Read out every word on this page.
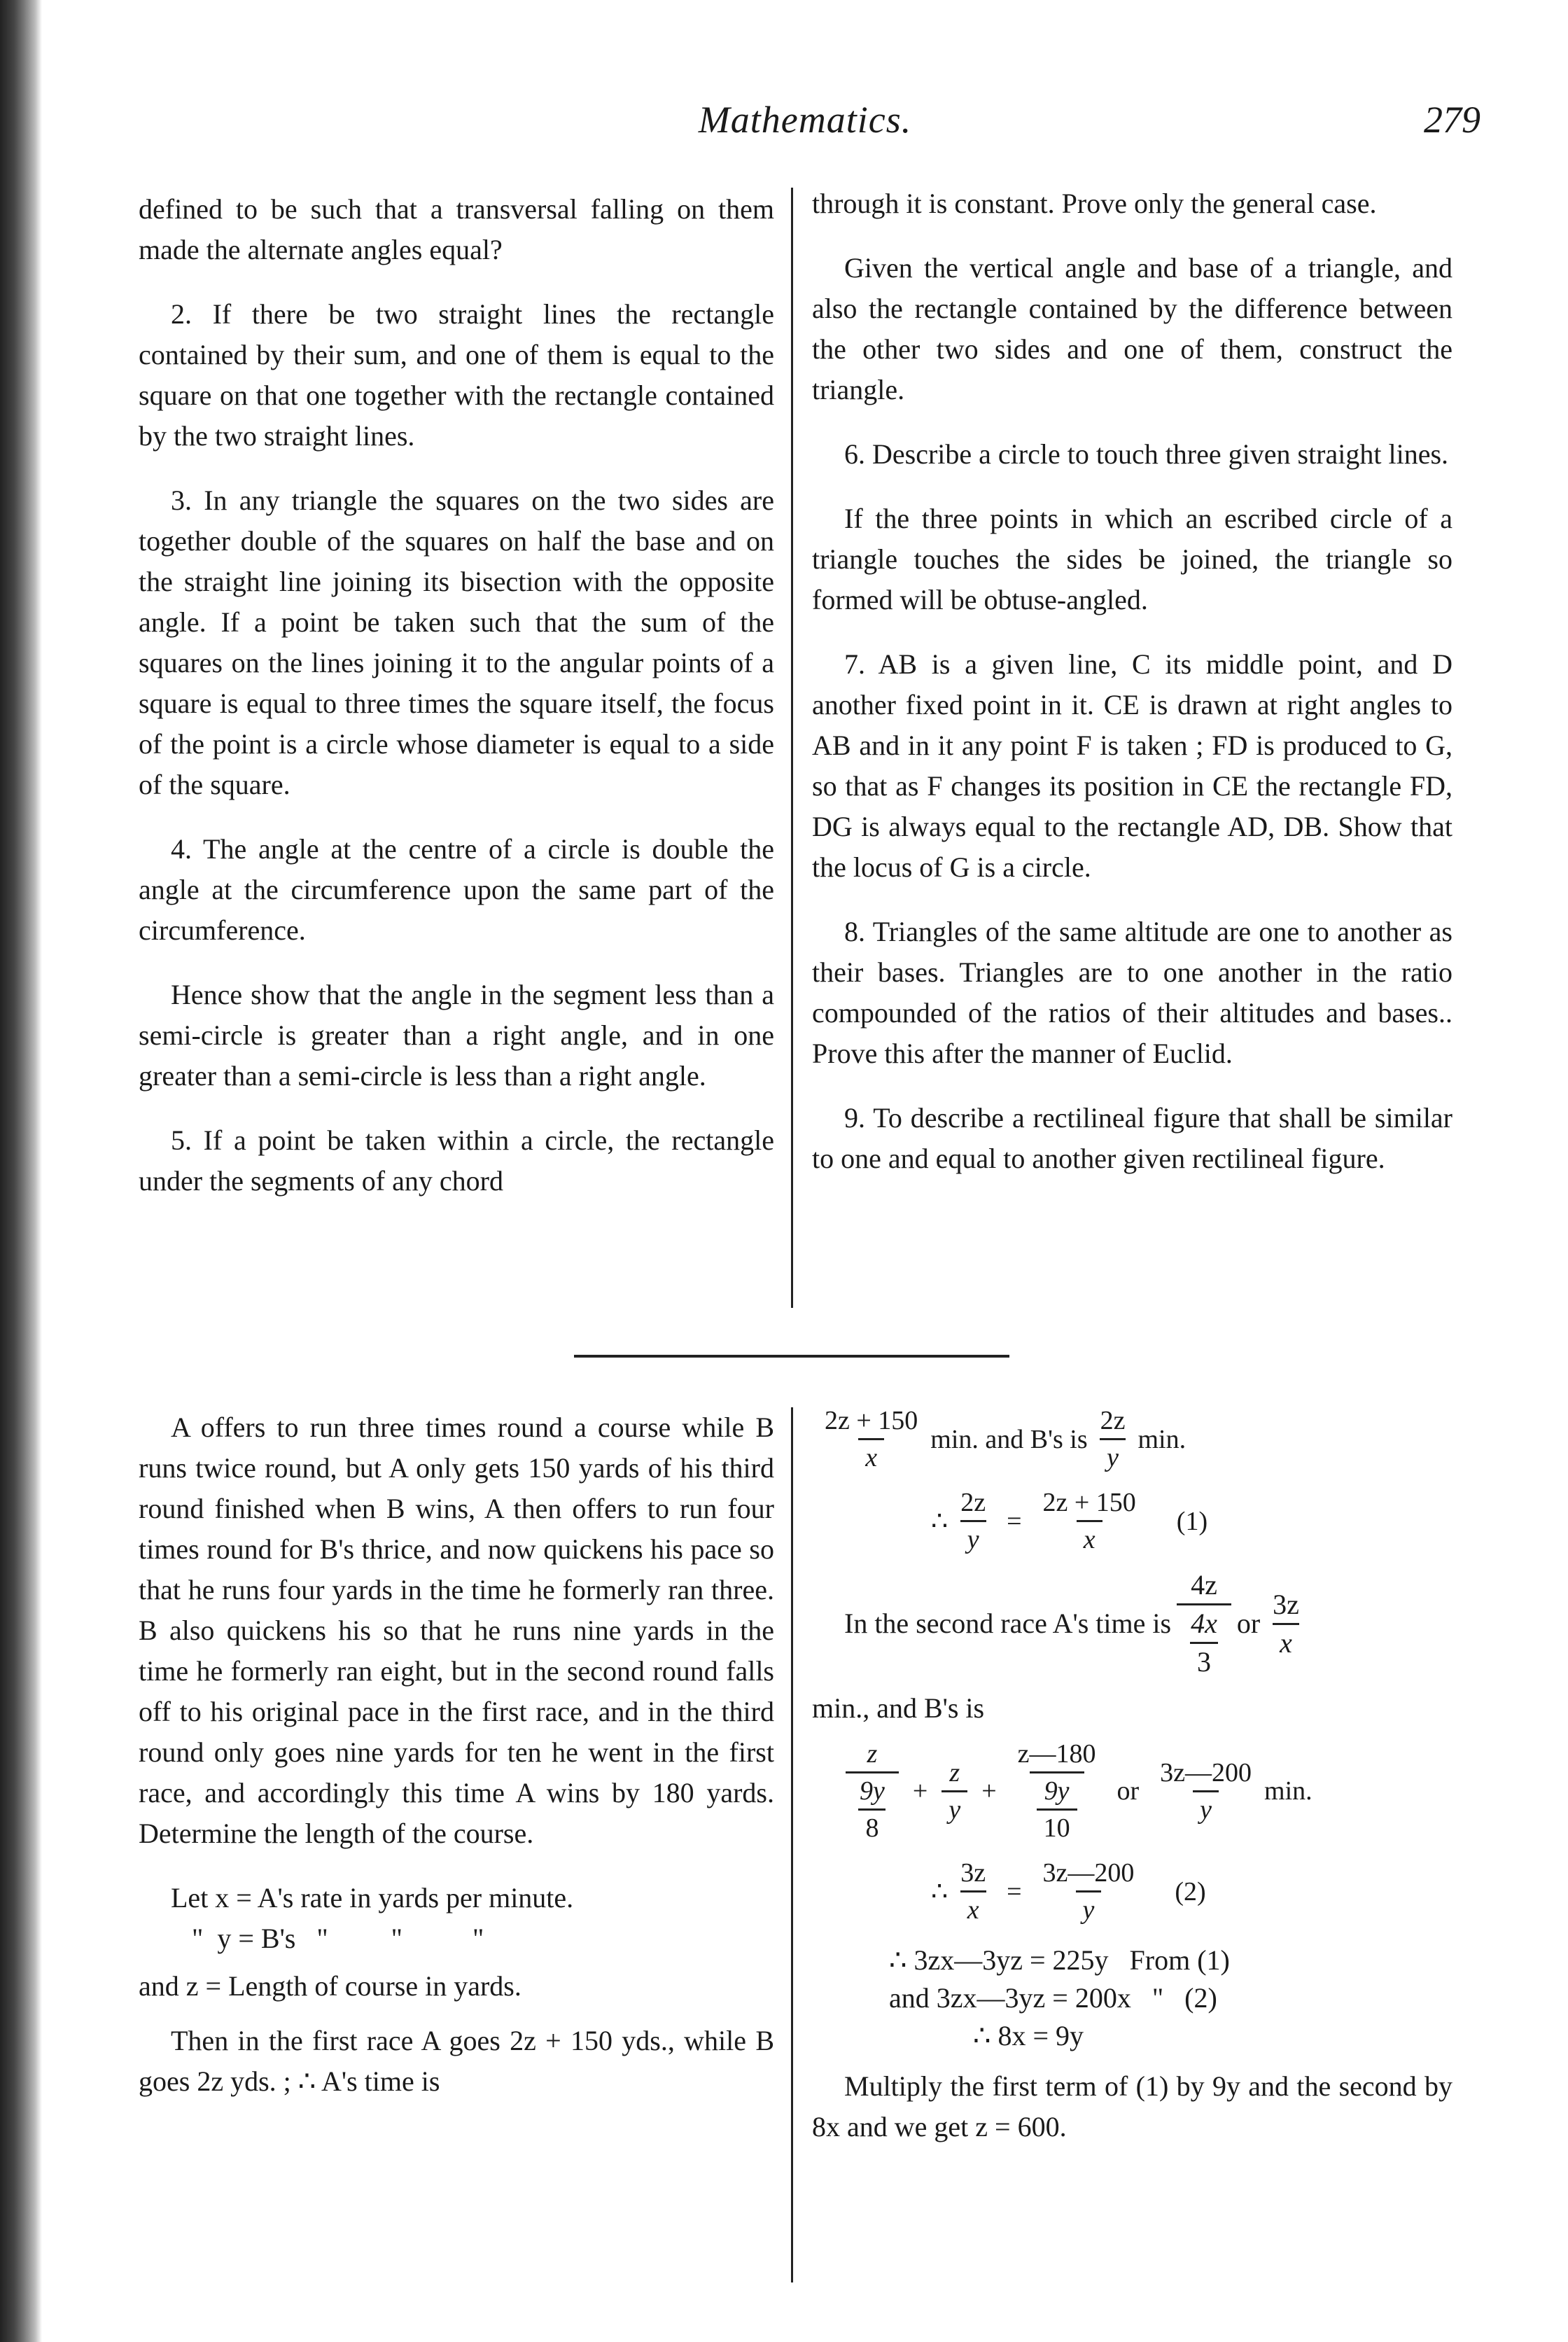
Mathematics.	279

defined to be such that a transversal falling on them made the alternate angles equal?

2. If there be two straight lines the rectangle contained by their sum, and one of them is equal to the square on that one together with the rectangle contained by the two straight lines.

3. In any triangle the squares on the two sides are together double of the squares on half the base and on the straight line joining its bisection with the opposite angle. If a point be taken such that the sum of the squares on the lines joining it to the angular points of a square is equal to three times the square itself, the focus of the point is a circle whose diameter is equal to a side of the square.

4. The angle at the centre of a circle is double the angle at the circumference upon the same part of the circumference.

Hence show that the angle in the segment less than a semi-circle is greater than a right angle, and in one greater than a semi-circle is less than a right angle.

5. If a point be taken within a circle, the rectangle under the segments of any chord

through it is constant. Prove only the general case.

Given the vertical angle and base of a triangle, and also the rectangle contained by the difference between the other two sides and one of them, construct the triangle.

6. Describe a circle to touch three given straight lines.

If the three points in which an escribed circle of a triangle touches the sides be joined, the triangle so formed will be obtuse-angled.

7. AB is a given line, C its middle point, and D another fixed point in it. CE is drawn at right angles to AB and in it any point F is taken ; FD is produced to G, so that as F changes its position in CE the rectangle FD, DG is always equal to the rectangle AD, DB. Show that the locus of G is a circle.

8. Triangles of the same altitude are one to another as their bases. Triangles are to one another in the ratio compounded of the ratios of their altitudes and bases.. Prove this after the manner of Euclid.

9. To describe a rectilineal figure that shall be similar to one and equal to another given rectilineal figure.

A offers to run three times round a course while B runs twice round, but A only gets 150 yards of his third round finished when B wins, A then offers to run four times round for B's thrice, and now quickens his pace so that he runs four yards in the time he formerly ran three. B also quickens his so that he runs nine yards in the time he formerly ran eight, but in the second round falls off to his original pace in the first race, and in the third round only goes nine yards for ten he went in the first race, and accordingly this time A wins by 180 yards. Determine the length of the course.

Let x = A's rate in yards per minute.
"  y = B's   "         "          "
and z = Length of course in yards.

Then in the first race A goes 2z + 150 yds., while B goes 2z yds. ; ∴ A's time is

2z + 150
x
min. and B's is
2z
y
min.
∴ $\frac{2z}{y} = \frac{2z + 150}{x} (1)$
In the second race A's time is
4z
$\frac{4x}{3}$ or
3z
x
min., and B's is
z
$\frac{9y}{8} + \frac{z}{y} + \frac{z—180}{\frac{9y}{10}}$ or
3z—200
y
min.
∴ $\frac{3z}{x} = \frac{3z—200}{y} (2)$
∴ 3zx—3yz = 225y From (1)
and 3zx—3yz = 200x "   (2)
∴ 8x = 9y

Multiply the first term of (1) by 9y and the second by 8x and we get z = 600.
